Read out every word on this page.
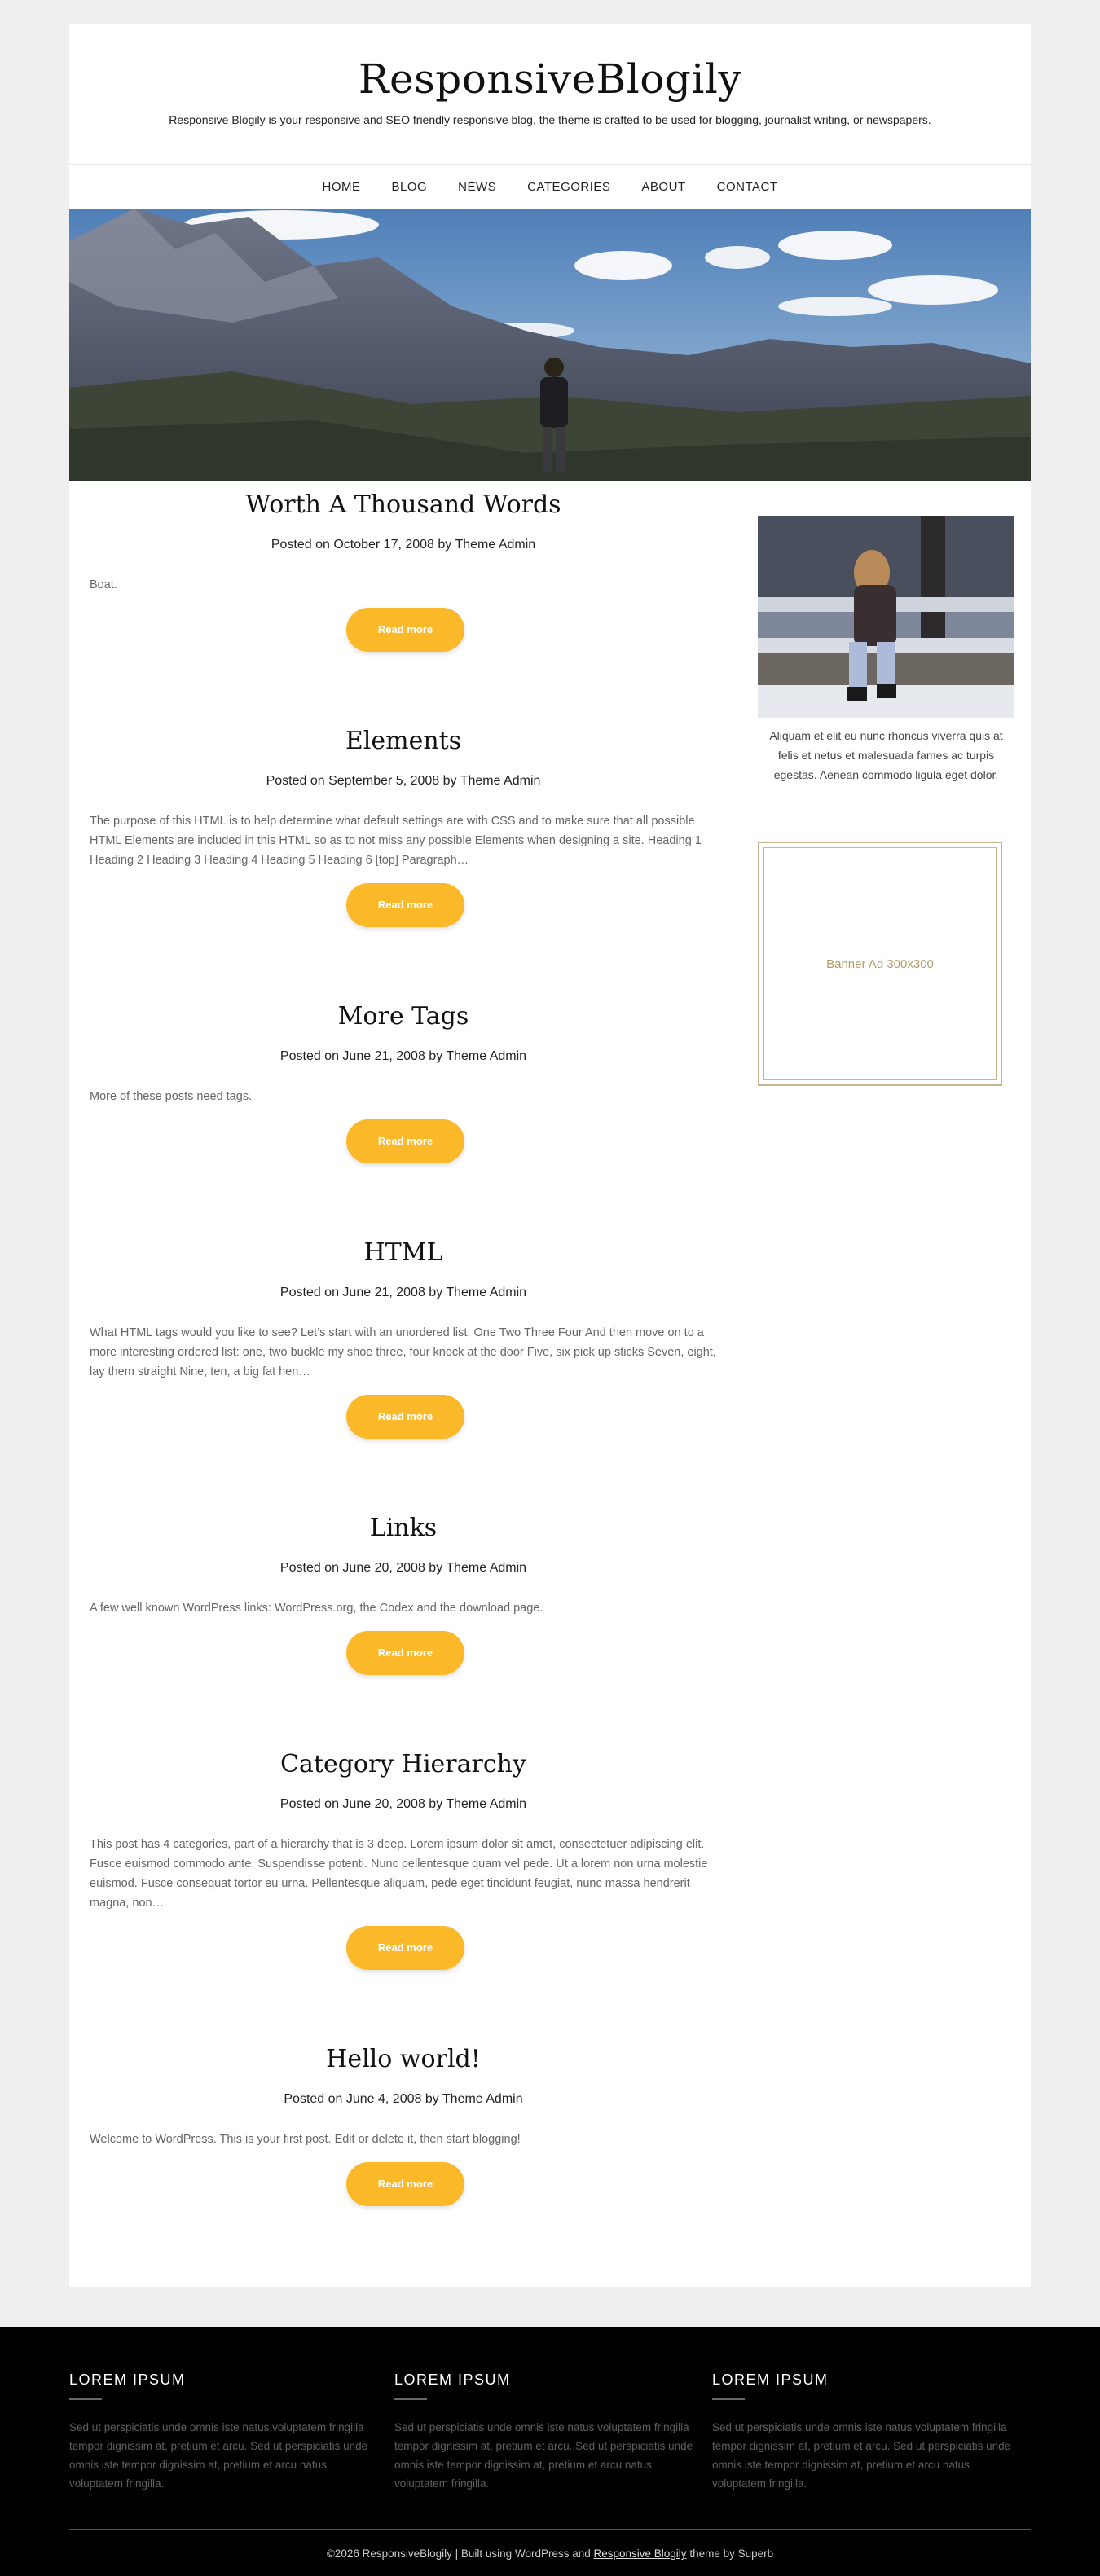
ResponsiveBlogily
Responsive Blogily is your responsive and SEO friendly responsive blog, the theme is crafted to be used for blogging, journalist writing, or newspapers.
HOME	BLOG	NEWS	CATEGORIES	ABOUT	CONTACT
Worth A Thousand Words
Posted on October 17, 2008 by Theme Admin
Boat.
Read more
Elements
Posted on September 5, 2008 by Theme Admin
The purpose of this HTML is to help determine what default settings are with CSS and to make sure that all possible HTML Elements are included in this HTML so as to not miss any possible Elements when designing a site. Heading 1 Heading 2 Heading 3 Heading 4 Heading 5 Heading 6 [top] Paragraph…
Read more
More Tags
Posted on June 21, 2008 by Theme Admin
More of these posts need tags.
Read more
HTML
Posted on June 21, 2008 by Theme Admin
What HTML tags would you like to see? Let’s start with an unordered list: One Two Three Four And then move on to a more interesting ordered list: one, two buckle my shoe three, four knock at the door Five, six pick up sticks Seven, eight, lay them straight Nine, ten, a big fat hen…
Read more
Links
Posted on June 20, 2008 by Theme Admin
A few well known WordPress links: WordPress.org, the Codex and the download page.
Read more
Category Hierarchy
Posted on June 20, 2008 by Theme Admin
This post has 4 categories, part of a hierarchy that is 3 deep. Lorem ipsum dolor sit amet, consectetuer adipiscing elit. Fusce euismod commodo ante. Suspendisse potenti. Nunc pellentesque quam vel pede. Ut a lorem non urna molestie euismod. Fusce consequat tortor eu urna. Pellentesque aliquam, pede eget tincidunt feugiat, nunc massa hendrerit magna, non…
Read more
Hello world!
Posted on June 4, 2008 by Theme Admin
Welcome to WordPress. This is your first post. Edit or delete it, then start blogging!
Read more
Aliquam et elit eu nunc rhoncus viverra quis at felis et netus et malesuada fames ac turpis egestas. Aenean commodo ligula eget dolor.
Banner Ad 300x300
LOREM IPSUM

Sed ut perspiciatis unde omnis iste natus voluptatem fringilla tempor dignissim at, pretium et arcu. Sed ut perspiciatis unde omnis iste tempor dignissim at, pretium et arcu natus voluptatem fringilla.

LOREM IPSUM

Sed ut perspiciatis unde omnis iste natus voluptatem fringilla tempor dignissim at, pretium et arcu. Sed ut perspiciatis unde omnis iste tempor dignissim at, pretium et arcu natus voluptatem fringilla.

LOREM IPSUM

Sed ut perspiciatis unde omnis iste natus voluptatem fringilla tempor dignissim at, pretium et arcu. Sed ut perspiciatis unde omnis iste tempor dignissim at, pretium et arcu natus voluptatem fringilla.

©2026 ResponsiveBlogily | Built using WordPress and Responsive Blogily theme by Superb
